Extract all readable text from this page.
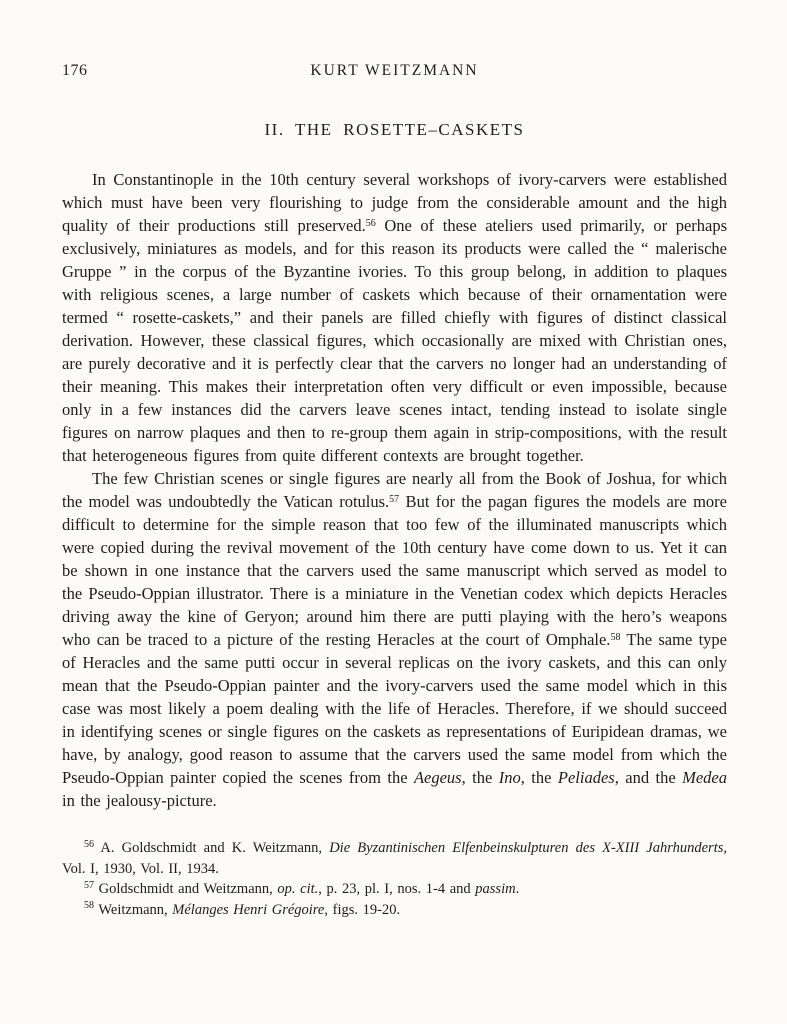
176	KURT WEITZMANN
II. THE ROSETTE–CASKETS

In Constantinople in the 10th century several workshops of ivory-carvers were established which must have been very flourishing to judge from the considerable amount and the high quality of their productions still preserved.$^{56}$ One of these ateliers used primarily, or perhaps exclusively, miniatures as models, and for this reason its products were called the “ malerische Gruppe ” in the corpus of the Byzantine ivories. To this group belong, in addition to plaques with religious scenes, a large number of caskets which because of their ornamentation were termed “ rosette-caskets,” and their panels are filled chiefly with figures of distinct classical derivation. However, these classical figures, which occasionally are mixed with Christian ones, are purely decorative and it is perfectly clear that the carvers no longer had an understanding of their meaning. This makes their interpretation often very difficult or even impossible, because only in a few instances did the carvers leave scenes intact, tending instead to isolate single figures on narrow plaques and then to re-group them again in strip-compositions, with the result that heterogeneous figures from quite different contexts are brought together.

The few Christian scenes or single figures are nearly all from the Book of Joshua, for which the model was undoubtedly the Vatican rotulus.$^{57}$ But for the pagan figures the models are more difficult to determine for the simple reason that too few of the illuminated manuscripts which were copied during the revival movement of the 10th century have come down to us. Yet it can be shown in one instance that the carvers used the same manuscript which served as model to the Pseudo-Oppian illustrator. There is a miniature in the Venetian codex which depicts Heracles driving away the kine of Geryon; around him there are putti playing with the hero’s weapons who can be traced to a picture of the resting Heracles at the court of Omphale.$^{58}$ The same type of Heracles and the same putti occur in several replicas on the ivory caskets, and this can only mean that the Pseudo-Oppian painter and the ivory-carvers used the same model which in this case was most likely a poem dealing with the life of Heracles. Therefore, if we should succeed in identifying scenes or single figures on the caskets as representations of Euripidean dramas, we have, by analogy, good reason to assume that the carvers used the same model from which the Pseudo-Oppian painter copied the scenes from the Aegeus, the Ino, the Peliades, and the Medea in the jealousy-picture.

$^{56}$ A. Goldschmidt and K. Weitzmann, Die Byzantinischen Elfenbeinskulpturen des X-XIII Jahrhunderts, Vol. I, 1930, Vol. II, 1934.

$^{57}$ Goldschmidt and Weitzmann, op. cit., p. 23, pl. I, nos. 1-4 and passim.

$^{58}$ Weitzmann, Mélanges Henri Grégoire, figs. 19-20.
